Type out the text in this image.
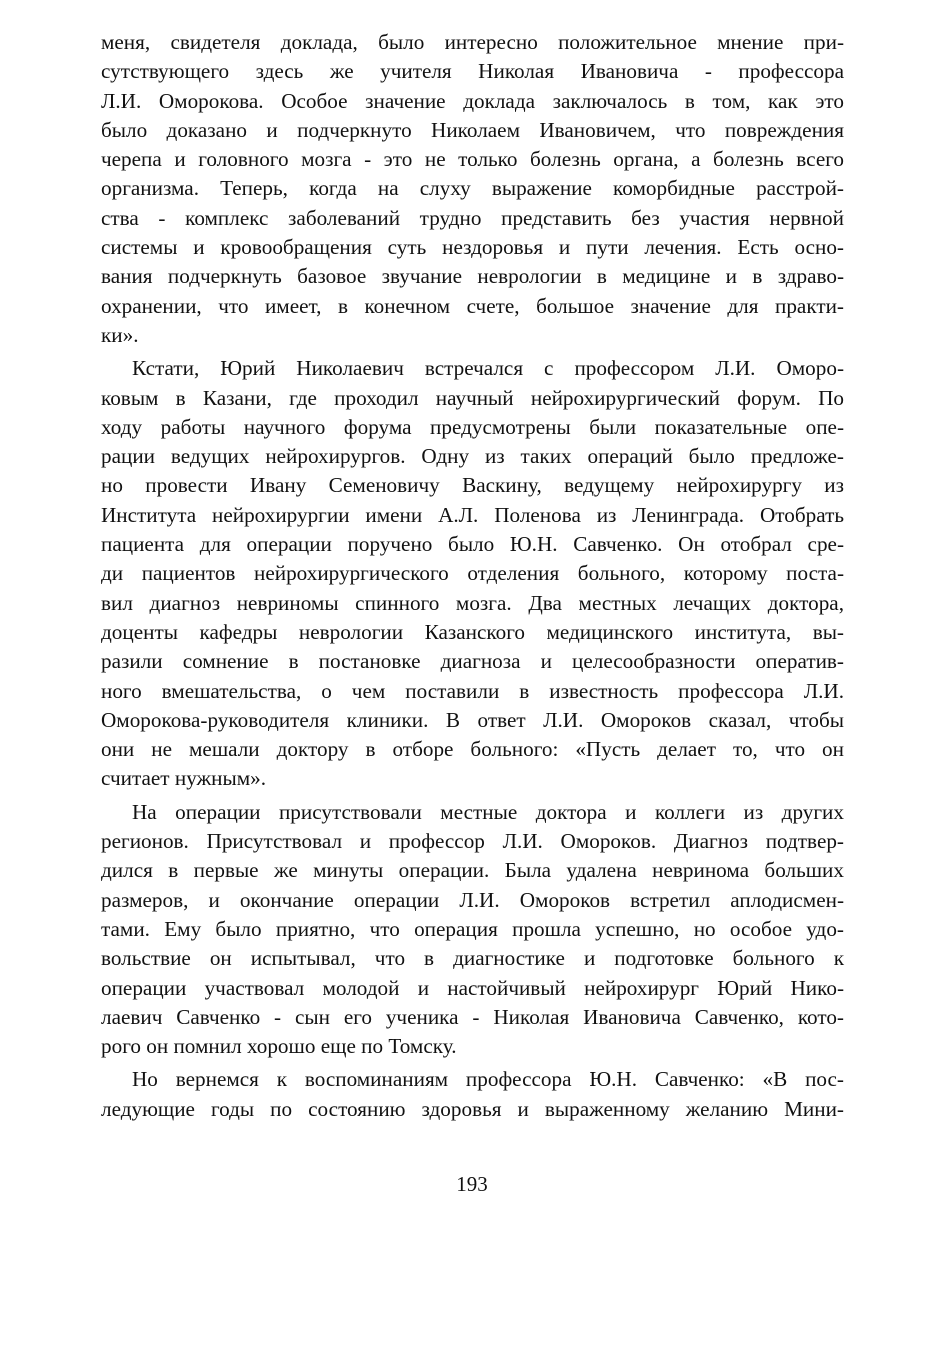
меня, свидетеля доклада, было интересно положительное мнение при-
сутствующего здесь же учителя Николая Ивановича - профессора
Л.И. Оморокова. Особое значение доклада заключалось в том, как это
было доказано и подчеркнуто Николаем Ивановичем, что повреждения
черепа и головного мозга - это не только болезнь органа, а болезнь всего
организма. Теперь, когда на слуху выражение коморбидные расстрой-
ства - комплекс заболеваний трудно представить без участия нервной
системы и кровообращения суть нездоровья и пути лечения. Есть осно-
вания подчеркнуть базовое звучание неврологии в медицине и в здраво-
охранении, что имеет, в конечном счете, большое значение для практи-
ки».

Кстати, Юрий Николаевич встречался с профессором Л.И. Оморо-
ковым в Казани, где проходил научный нейрохирургический форум. По
ходу работы научного форума предусмотрены были показательные опе-
рации ведущих нейрохирургов. Одну из таких операций было предложе-
но провести Ивану Семеновичу Васкину, ведущему нейрохирургу из
Института нейрохирургии имени А.Л. Поленова из Ленинграда. Отобрать
пациента для операции поручено было Ю.Н. Савченко. Он отобрал сре-
ди пациентов нейрохирургического отделения больного, которому поста-
вил диагноз невриномы спинного мозга. Два местных лечащих доктора,
доценты кафедры неврологии Казанского медицинского института, вы-
разили сомнение в постановке диагноза и целесообразности оператив-
ного вмешательства, о чем поставили в известность профессора Л.И.
Оморокова-руководителя клиники. В ответ Л.И. Омороков сказал, чтобы
они не мешали доктору в отборе больного: «Пусть делает то, что он
считает нужным».

На операции присутствовали местные доктора и коллеги из других
регионов. Присутствовал и профессор Л.И. Омороков. Диагноз подтвер-
дился в первые же минуты операции. Была удалена невринома больших
размеров, и окончание операции Л.И. Омороков встретил аплодисмен-
тами. Ему было приятно, что операция прошла успешно, но особое удо-
вольствие он испытывал, что в диагностике и подготовке больного к
операции участвовал молодой и настойчивый нейрохирург Юрий Нико-
лаевич Савченко - сын его ученика - Николая Ивановича Савченко, кото-
рого он помнил хорошо еще по Томску.

Но вернемся к воспоминаниям профессора Ю.Н. Савченко: «В пос-
ледующие годы по состоянию здоровья и выраженному желанию Мини-

193
